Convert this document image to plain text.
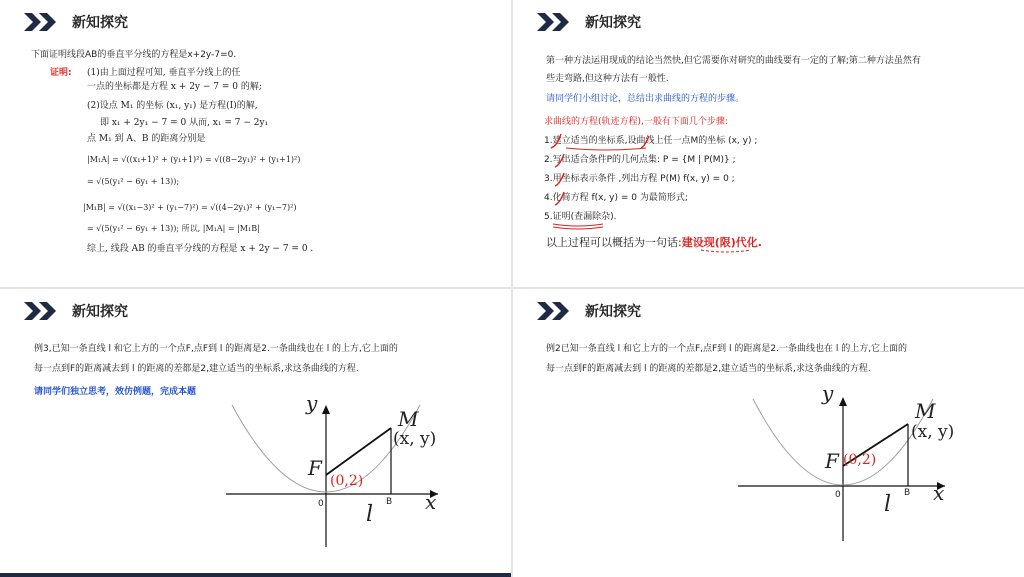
新知探究
下面证明线段AB的垂直平分线的方程是x+2y-7=0.
证明: (1)由上面过程可知, 垂直平分线上的任
一点的坐标都是方程 x + 2y − 7 = 0 的解;
(2)设点 M₁ 的坐标 (x₁, y₁) 是方程(Ⅰ)的解,
即 x₁ + 2y₁ − 7 = 0 从而, x₁ = 7 − 2y₁
点 M₁ 到 A、B 的距离分别是
|M₁A| = √((x₁+1)² + (y₁+1)²) = √((8−2y₁)² + (y₁+1)²)
= √(5(y₁² − 6y₁ + 13));
|M₁B| = √((x₁−3)² + (y₁−7)²) = √((4−2y₁)² + (y₁−7)²)
= √(5(y₁² − 6y₁ + 13)); 所以, |M₁A| = |M₁B|
综上, 线段 AB 的垂直平分线的方程是 x + 2y − 7 = 0 .
新知探究
第一种方法运用现成的结论当然快,但它需要你对研究的曲线要有一定的了解;第二种方法虽然有
些走弯路,但这种方法有一般性.
请同学们小组讨论，总结出求曲线的方程的步骤。
求曲线的方程(轨迹方程),一般有下面几个步骤:
1.建立适当的坐标系,设曲线上任一点M的坐标 (x, y) ;
2.写出适合条件P的几何点集: P = {M | P(M)} ;
3.用坐标表示条件 ,列出方程 P(M) f(x, y) = 0 ;
4.化简方程 f(x, y) = 0 为最简形式;
5.证明(查漏除杂).
以上过程可以概括为一句话:建设现(限)代化.
新知探究
例3,已知一条直线 l 和它上方的一个点F,点F到 l 的距离是2.一条曲线也在 l 的上方,它上面的
每一点到F的距离减去到 l 的距离的差都是2,建立适当的坐标系,求这条曲线的方程.
请同学们独立思考，效仿例题，完成本题	y
x
0
F
(0,2)
M
(x, y)
B
l
新知探究
例2已知一条直线 l 和它上方的一个点F,点F到 l 的距离是2.一条曲线也在 l 的上方,它上面的
每一点到F的距离减去到 l 的距离的差都是2,建立适当的坐标系,求这条曲线的方程.
y
x
0
F (0,2)
M
(x, y)
B
l
